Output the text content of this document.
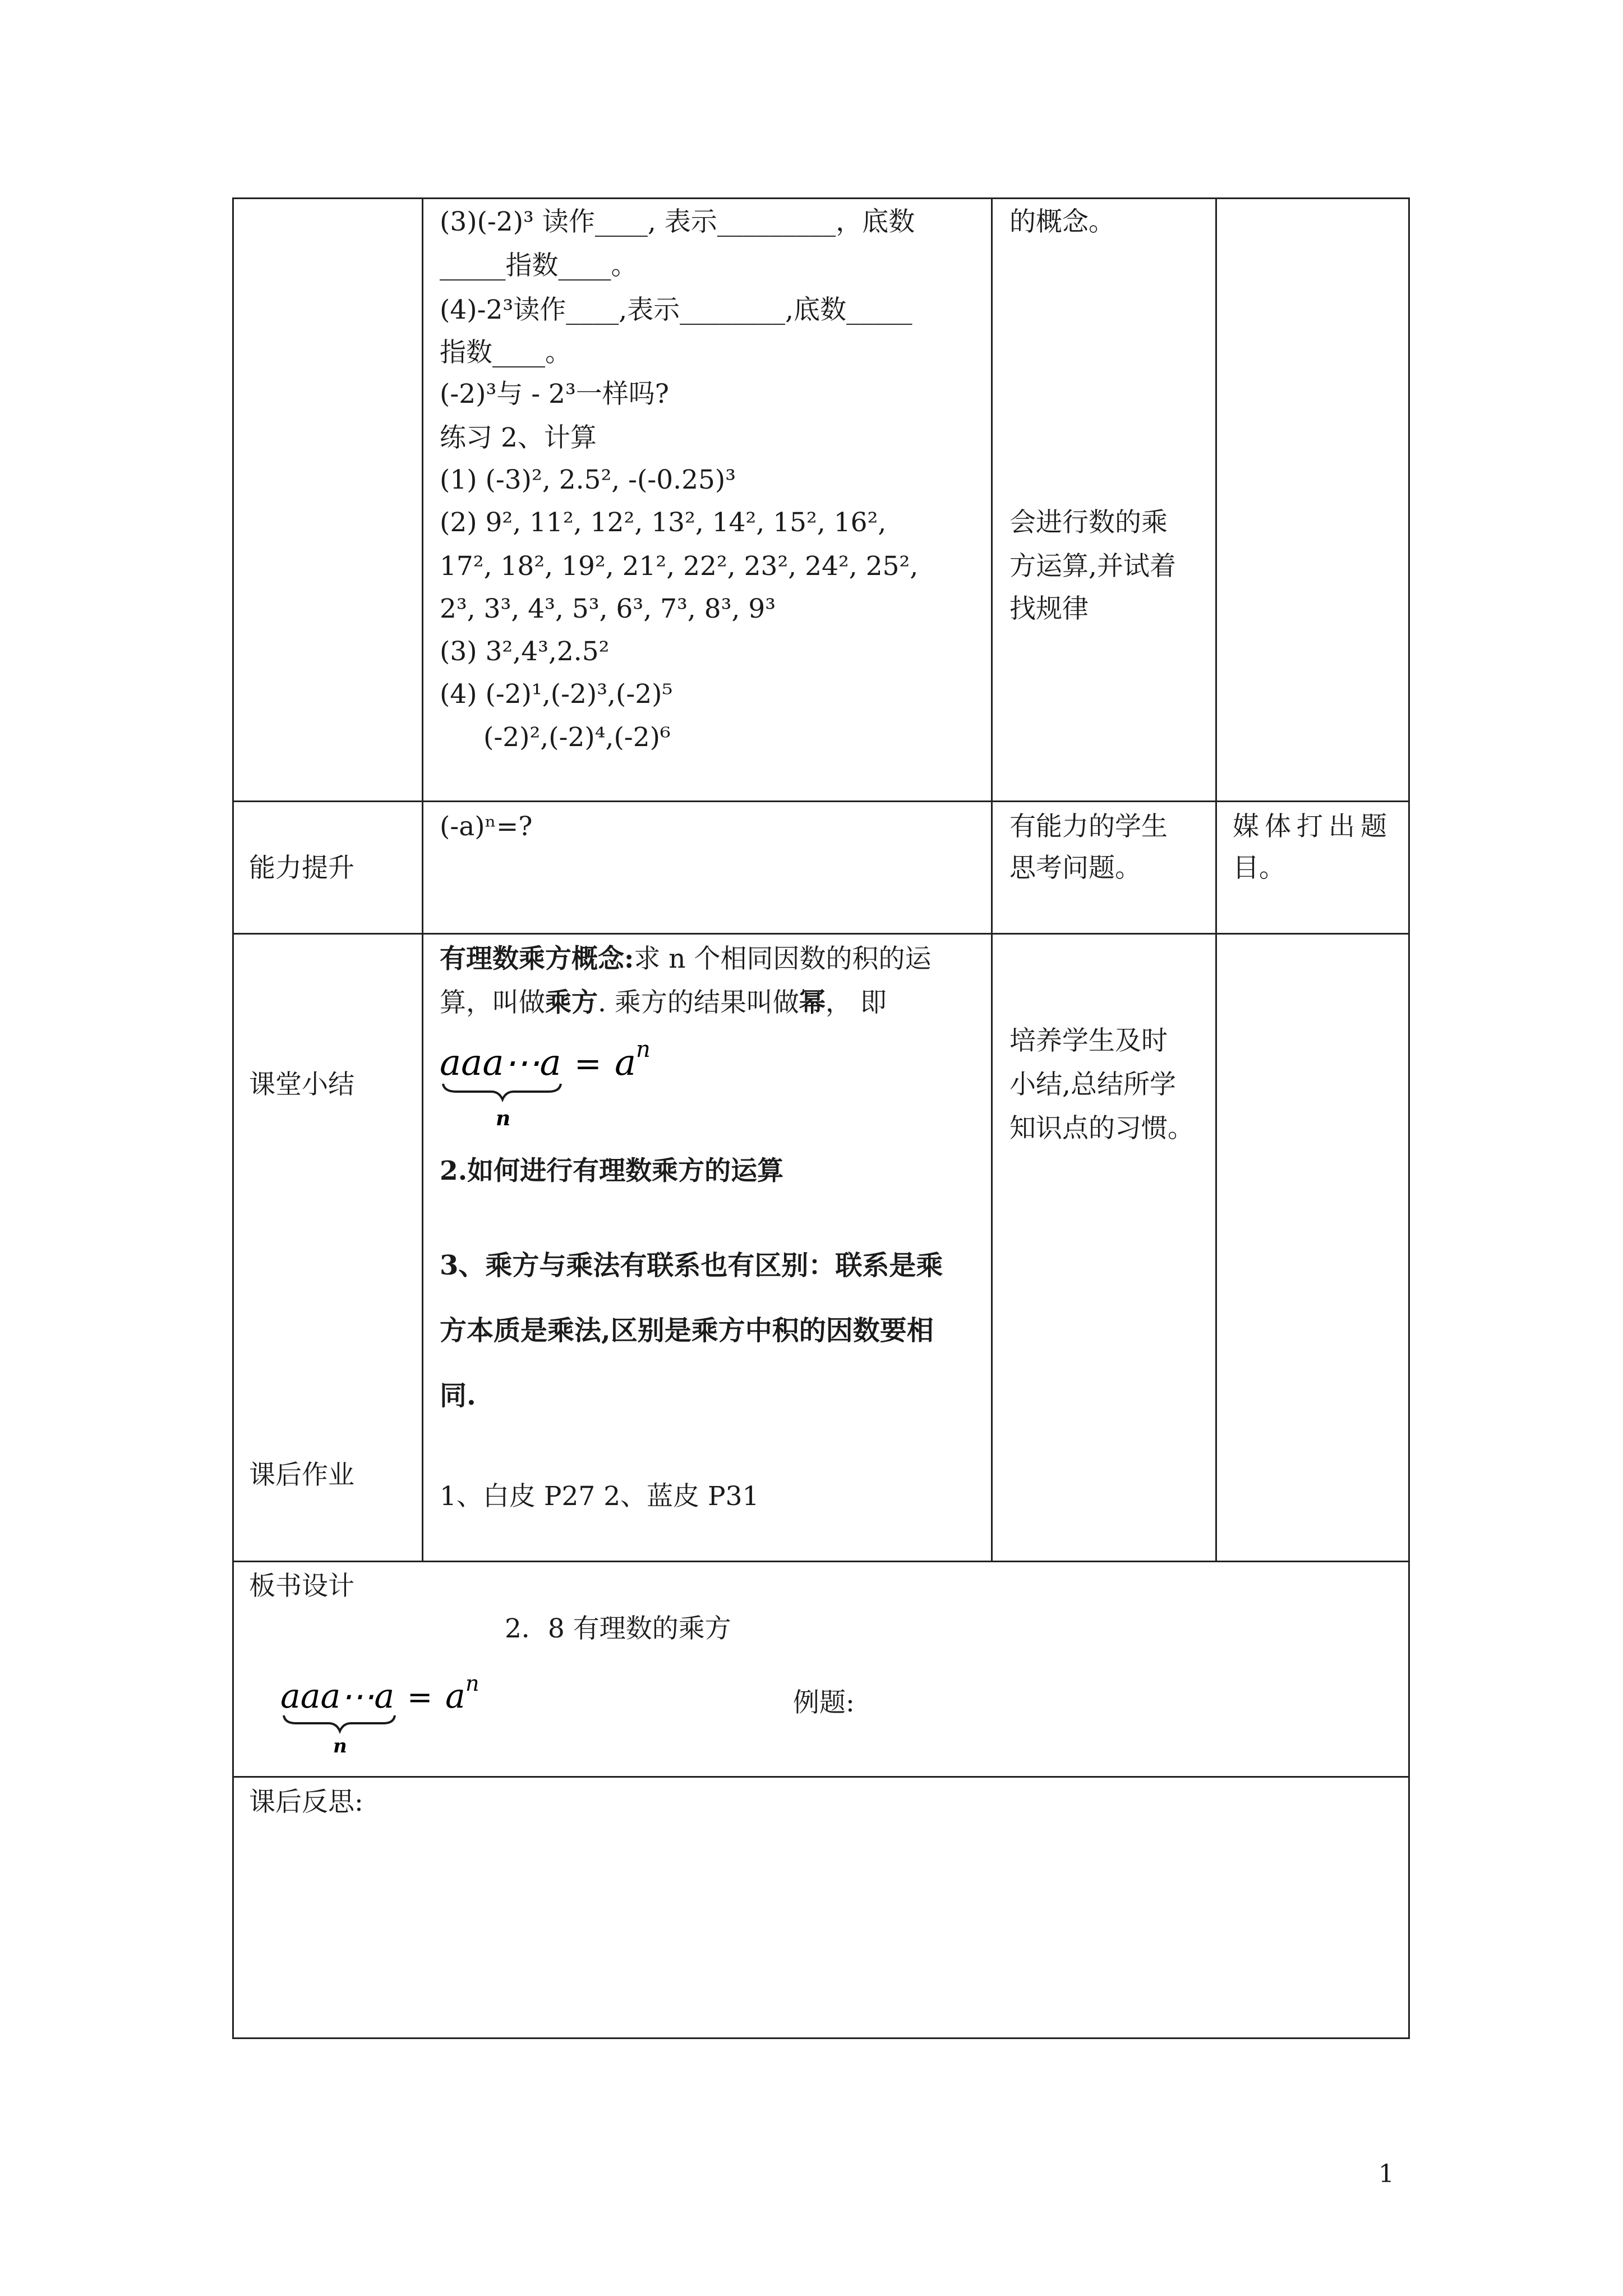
(3)(-2)³ 读作____, 表示_________，底数
_____指数____。
(4)-2³读作____,表示________,底数_____
指数____。
(-2)³与 - 2³一样吗?
练习 2、计算
(1) (-3)², 2.5², -(-0.25)³
(2) 9², 11², 12², 13², 14², 15², 16²,
17², 18², 19², 21², 22², 23², 24², 25²,
2³, 3³, 4³, 5³, 6³, 7³, 8³, 9³
(3) 3²,4³,2.5²
(4) (-2)¹,(-2)³,(-2)⁵
(-2)²,(-2)⁴,(-2)⁶
的概念。
会进行数的乘
方运算,并试着
找规律
能力提升
(-a)ⁿ=?	有能力的学生
思考问题。
媒体打出题
目。
课堂小结
课后作业
有理数乘方概念:求 n 个相同因数的积的运
算，叫做乘方. 乘方的结果叫做幂， 即
aaa⋯a = a n
n
2.如何进行有理数乘方的运算
3、乘方与乘法有联系也有区别：联系是乘
方本质是乘法,区别是乘方中积的因数要相
同.
1、白皮 P27 2、蓝皮 P31
培养学生及时
小结,总结所学
知识点的习惯。
板书设计
2．8 有理数的乘方
aaa⋯a = a n
n
例题:
课后反思:
1
